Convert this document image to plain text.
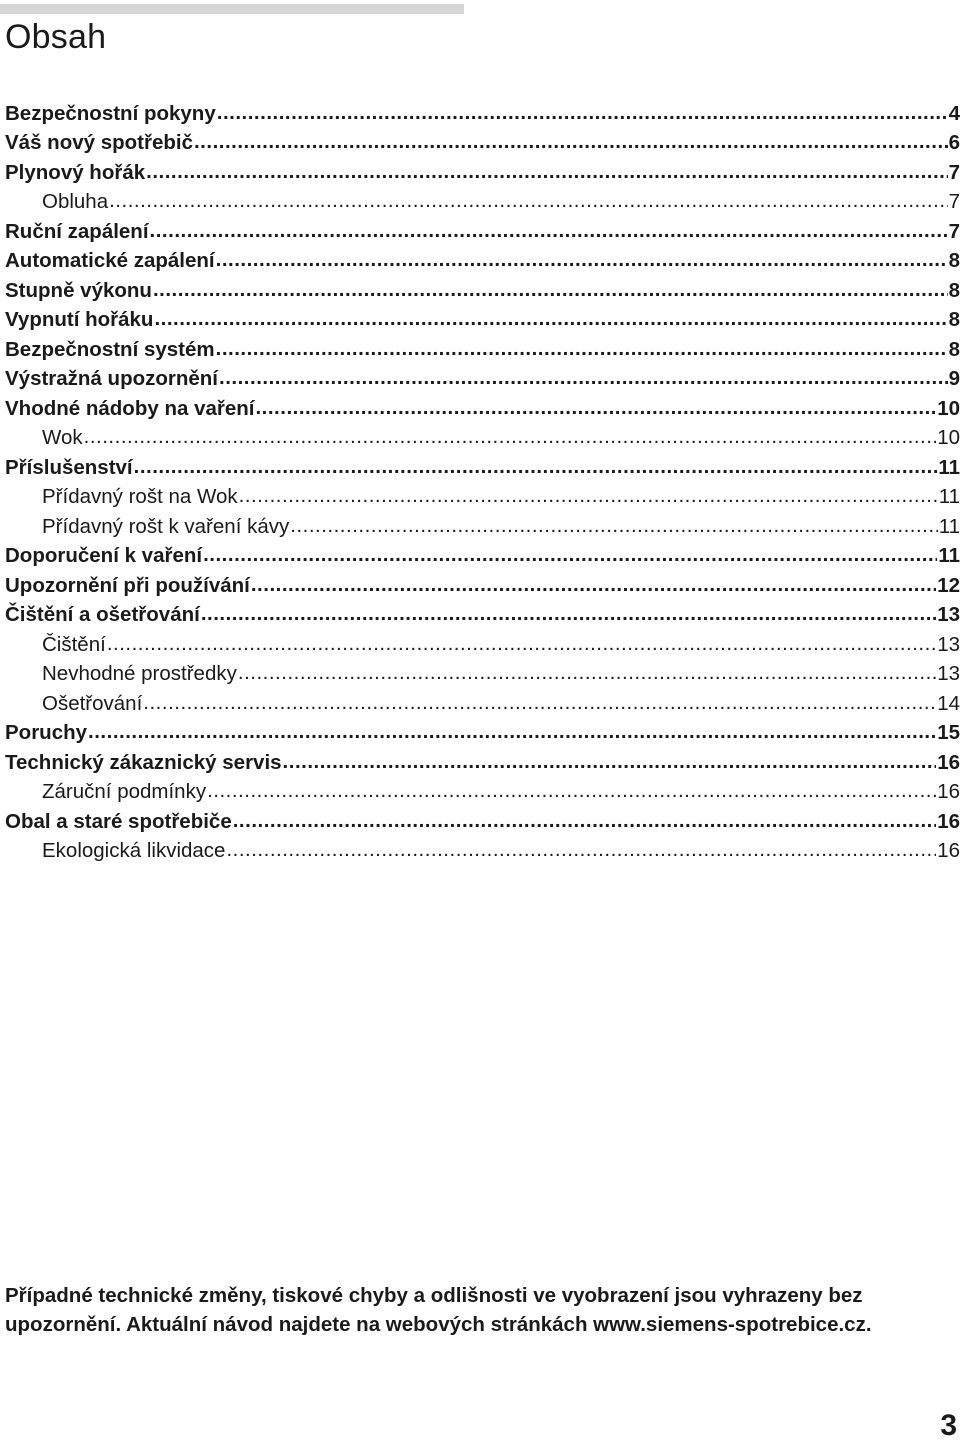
Obsah
Bezpečnostní pokyny .....	4
Váš nový spotřebič .....	6
Plynový hořák .....	7
Obluha .....	7
Ruční zapálení .....	7
Automatické zapálení .....	8
Stupně výkonu .....	8
Vypnutí hořáku .....	8
Bezpečnostní systém .....	8
Výstražná upozornění .....	9
Vhodné nádoby na vaření .....	10
Wok .....	10
Příslušenství .....	11
Přídavný rošt na Wok .....	11
Přídavný rošt k vaření kávy .....	11
Doporučení k vaření .....	11
Upozornění při používání .....	12
Čištění a ošetřování .....	13
Čištění .....	13
Nevhodné prostředky .....	13
Ošetřování .....	14
Poruchy .....	15
Technický zákaznický servis .....	16
Záruční podmínky .....	16
Obal a staré spotřebiče .....	16
Ekologická likvidace .....	16

Případné technické změny, tiskové chyby a odlišnosti ve vyobrazení jsou vyhrazeny bez upozornění. Aktuální návod najdete na webových stránkách www.siemens-spotrebice.cz.

3
